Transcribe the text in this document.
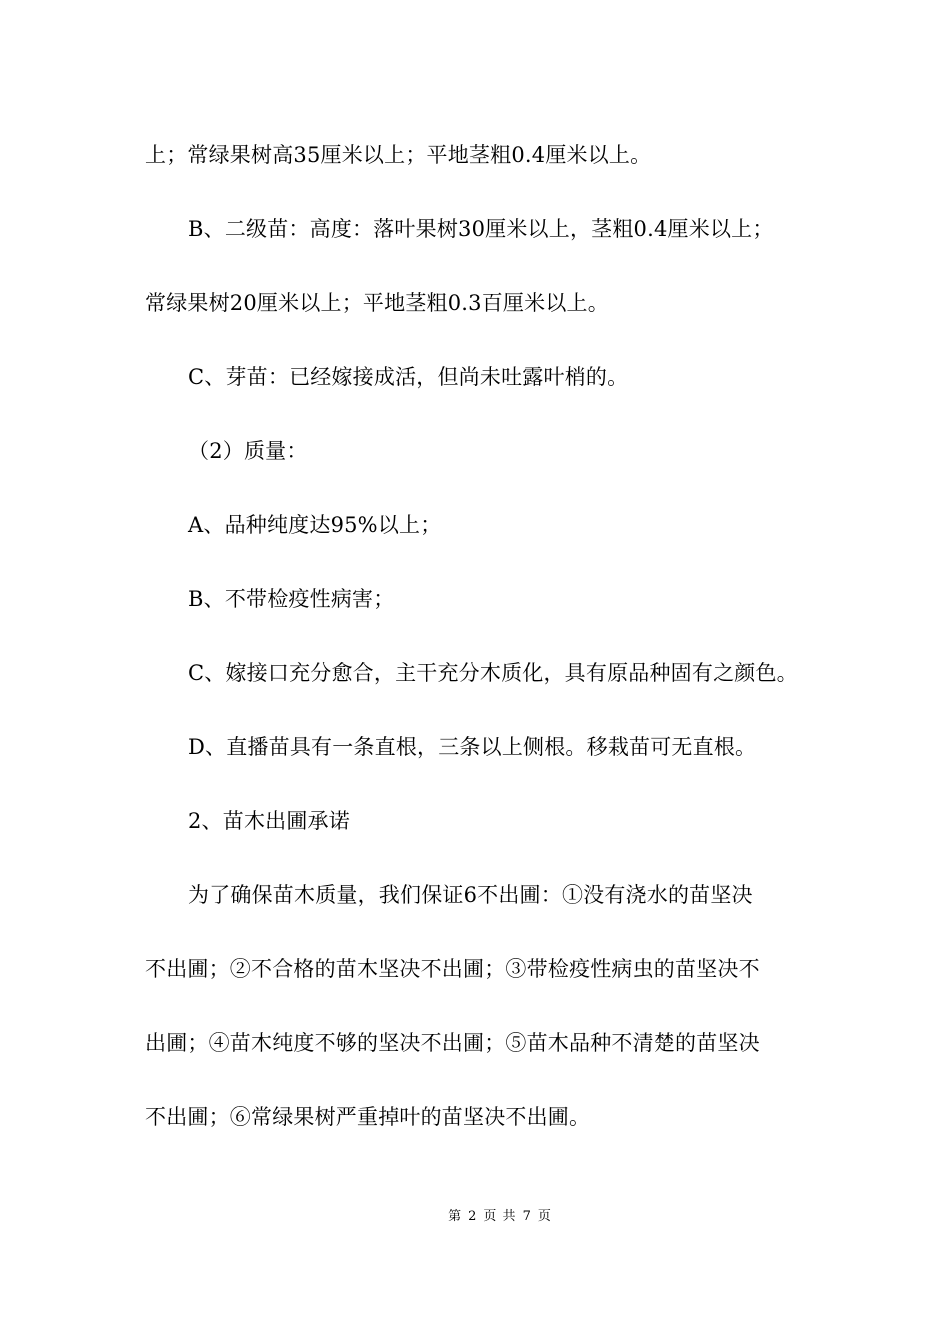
上；常绿果树高35厘米以上；平地茎粗0.4厘米以上。
B、二级苗：高度：落叶果树30厘米以上，茎粗0.4厘米以上；
常绿果树20厘米以上；平地茎粗0.3百厘米以上。
C、芽苗：已经嫁接成活，但尚未吐露叶梢的。
（2）质量：
A、品种纯度达95%以上；
B、不带检疫性病害；
C、嫁接口充分愈合，主干充分木质化，具有原品种固有之颜色。
D、直播苗具有一条直根，三条以上侧根。移栽苗可无直根。
2、苗木出圃承诺
为了确保苗木质量，我们保证6不出圃：①没有浇水的苗坚决
不出圃；②不合格的苗木坚决不出圃；③带检疫性病虫的苗坚决不
出圃；④苗木纯度不够的坚决不出圃；⑤苗木品种不清楚的苗坚决
不出圃；⑥常绿果树严重掉叶的苗坚决不出圃。
第 2 页 共 7 页
